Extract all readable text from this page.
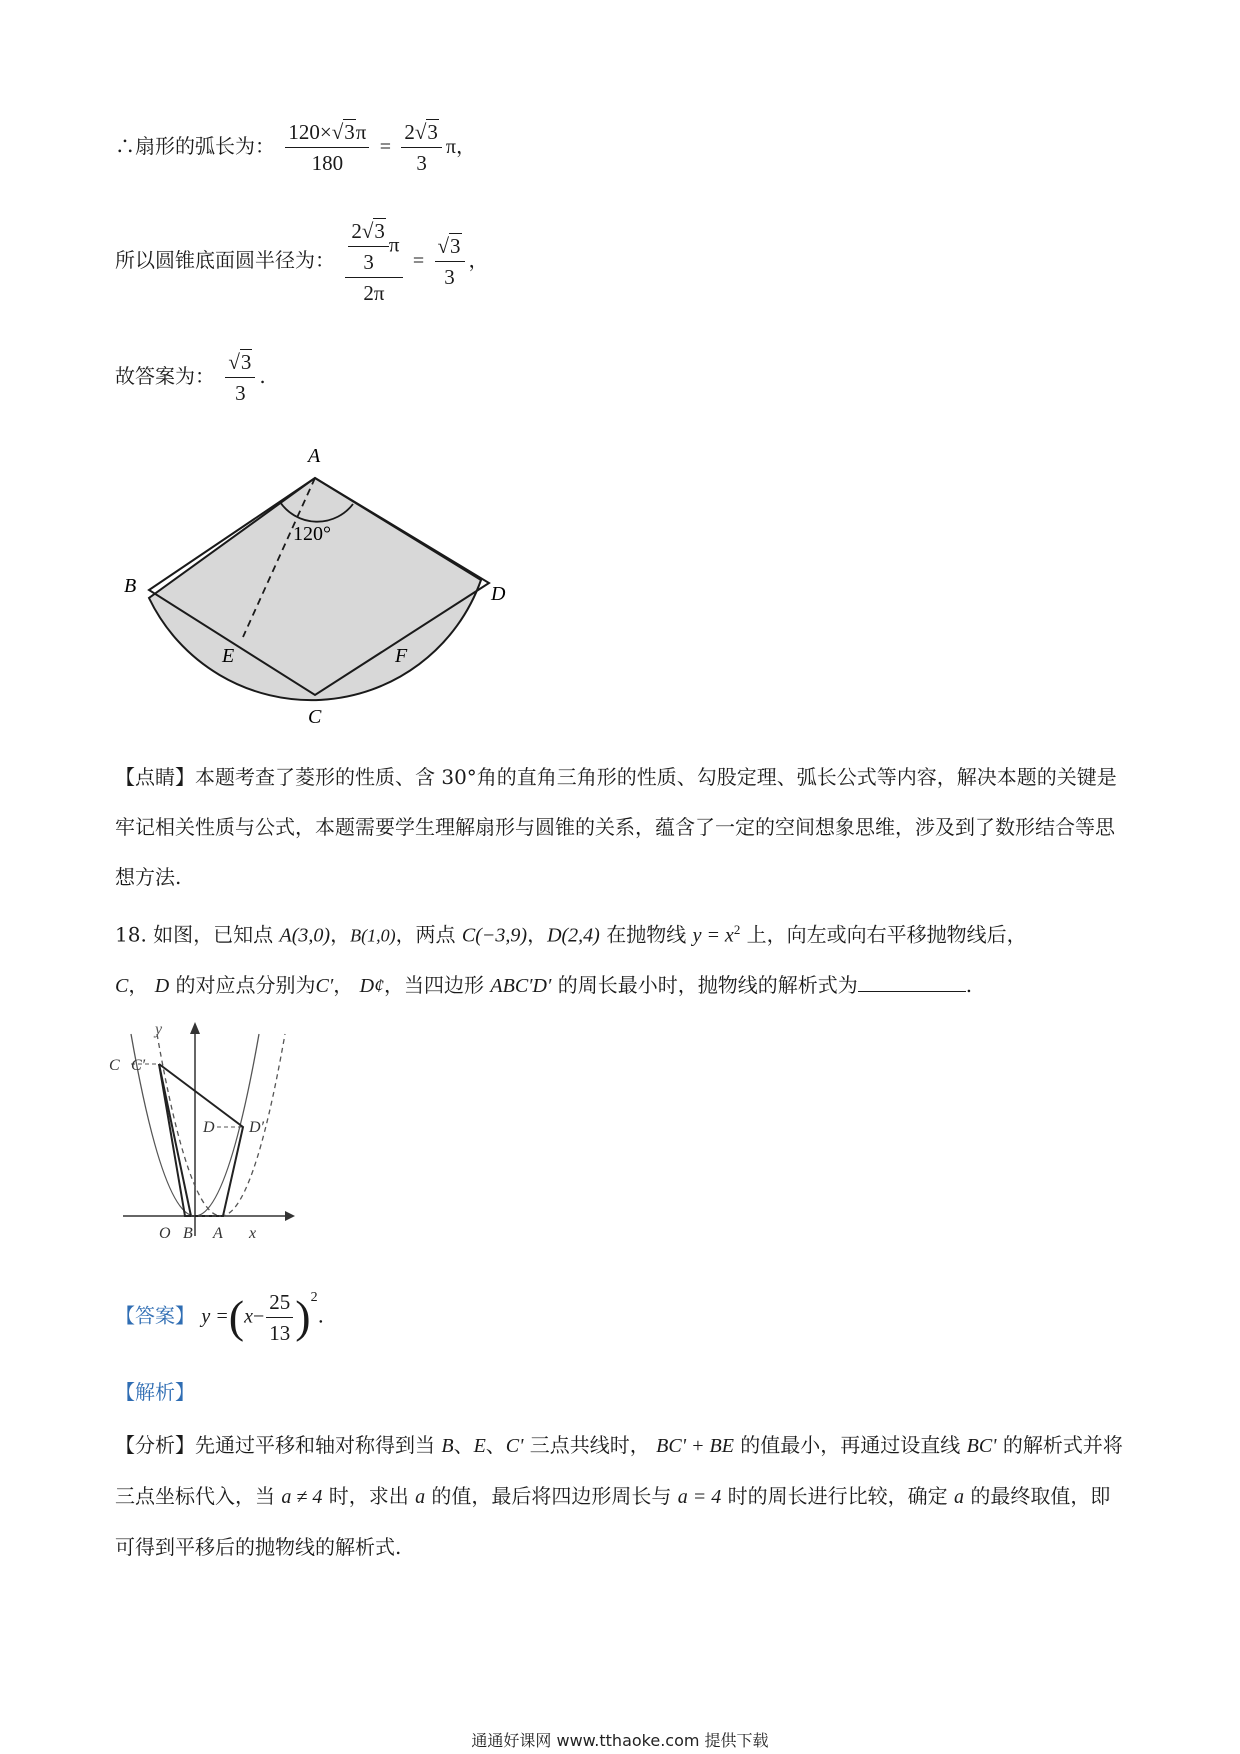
∴扇形的弧长为： $\frac{120\times√3\pi}{180} = \frac{2√3}{3}$ π，
所以圆锥底面圆半径为： $\frac{\frac{2√3}{3} \pi}{2\pi} = \frac{√3}{3}$ ，
故答案为： $\frac{√3}{3}$ .
A
B
C
D
E	F
120°
【点睛】本题考查了菱形的性质、含 30°角的直角三角形的性质、勾股定理、弧长公式等内容，解决本题的关键是牢记相关性质与公式，本题需要学生理解扇形与圆锥的关系，蕴含了一定的空间想象思维，涉及到了数形结合等思想方法.
18. 如图，已知点 A(3,0)，B(1,0)，两点 C(−3,9)，D(2,4) 在抛物线 $y = x^2$ 上，向左或向右平移抛物线后，
C， D 的对应点分别为C′， D¢，当四边形 ABC′D′ 的周长最小时，抛物线的解析式为	.
y
C C′
D D′
O B A x
【答案】 $y =(x- \frac{25}{13} )^2$.
【解析】
【分析】先通过平移和轴对称得到当 B、E、C' 三点共线时， BC' + BE 的值最小，再通过设直线 BC' 的解析式并将三点坐标代入，当 a ≠ 4 时，求出 a 的值，最后将四边形周长与 a = 4 时的周长进行比较，确定 a 的最终取值，即可得到平移后的抛物线的解析式.
通通好课网 www.tthaoke.com 提供下载
